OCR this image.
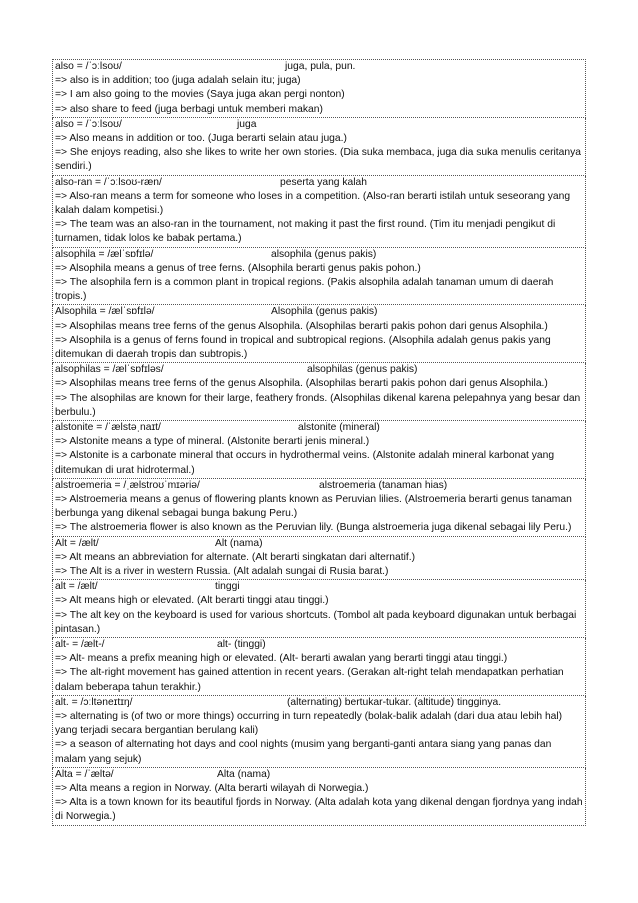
also = /ˈɔːlsoʊ/	juga, pula, pun.
=> also is in addition; too (juga adalah selain itu; juga)
=> I am also going to the movies (Saya juga akan pergi nonton)
=> also share to feed (juga berbagi untuk memberi makan)
also = /ˈɔːlsoʊ/	juga
=> Also means in addition or too. (Juga berarti selain atau juga.)
=> She enjoys reading, also she likes to write her own stories. (Dia suka membaca, juga dia suka menulis ceritanya sendiri.)
also-ran = /ˈɔːlsoʊ-ræn/	peserta yang kalah
=> Also-ran means a term for someone who loses in a competition. (Also-ran berarti istilah untuk seseorang yang kalah dalam kompetisi.)
=> The team was an also-ran in the tournament, not making it past the first round. (Tim itu menjadi pengikut di turnamen, tidak lolos ke babak pertama.)
alsophila = /ælˈsɒfɪlə/	alsophila (genus pakis)
=> Alsophila means a genus of tree ferns. (Alsophila berarti genus pakis pohon.)
=> The alsophila fern is a common plant in tropical regions. (Pakis alsophila adalah tanaman umum di daerah tropis.)
Alsophila = /ælˈsɒfɪlə/	Alsophila (genus pakis)
=> Alsophilas means tree ferns of the genus Alsophila. (Alsophilas berarti pakis pohon dari genus Alsophila.)
=> Alsophila is a genus of ferns found in tropical and subtropical regions. (Alsophila adalah genus pakis yang ditemukan di daerah tropis dan subtropis.)
alsophilas = /ælˈsɒfɪləs/	alsophilas (genus pakis)
=> Alsophilas means tree ferns of the genus Alsophila. (Alsophilas berarti pakis pohon dari genus Alsophila.)
=> The alsophilas are known for their large, feathery fronds. (Alsophilas dikenal karena pelepahnya yang besar dan berbulu.)
alstonite = /ˈælstəˌnaɪt/	alstonite (mineral)
=> Alstonite means a type of mineral. (Alstonite berarti jenis mineral.)
=> Alstonite is a carbonate mineral that occurs in hydrothermal veins. (Alstonite adalah mineral karbonat yang ditemukan di urat hidrotermal.)
alstroemeria = /ˌælstroʊˈmɪəriə/	alstroemeria (tanaman hias)
=> Alstroemeria means a genus of flowering plants known as Peruvian lilies. (Alstroemeria berarti genus tanaman berbunga yang dikenal sebagai bunga bakung Peru.)
=> The alstroemeria flower is also known as the Peruvian lily. (Bunga alstroemeria juga dikenal sebagai lily Peru.)
Alt = /ælt/	Alt (nama)
=> Alt means an abbreviation for alternate. (Alt berarti singkatan dari alternatif.)
=> The Alt is a river in western Russia. (Alt adalah sungai di Rusia barat.)
alt = /ælt/	tinggi
=> Alt means high or elevated. (Alt berarti tinggi atau tinggi.)
=> The alt key on the keyboard is used for various shortcuts. (Tombol alt pada keyboard digunakan untuk berbagai pintasan.)
alt- = /ælt-/	alt- (tinggi)
=> Alt- means a prefix meaning high or elevated. (Alt- berarti awalan yang berarti tinggi atau tinggi.)
=> The alt-right movement has gained attention in recent years. (Gerakan alt-right telah mendapatkan perhatian dalam beberapa tahun terakhir.)
alt. = /ɔːltəneɪtɪŋ/	(alternating) bertukar-tukar. (altitude) tingginya.
=> alternating is (of two or more things) occurring in turn repeatedly (bolak-balik adalah (dari dua atau lebih hal) yang terjadi secara bergantian berulang kali)
=> a season of alternating hot days and cool nights (musim yang berganti-ganti antara siang yang panas dan malam yang sejuk)
Alta = /ˈæltə/	Alta (nama)
=> Alta means a region in Norway. (Alta berarti wilayah di Norwegia.)
=> Alta is a town known for its beautiful fjords in Norway. (Alta adalah kota yang dikenal dengan fjordnya yang indah di Norwegia.)
